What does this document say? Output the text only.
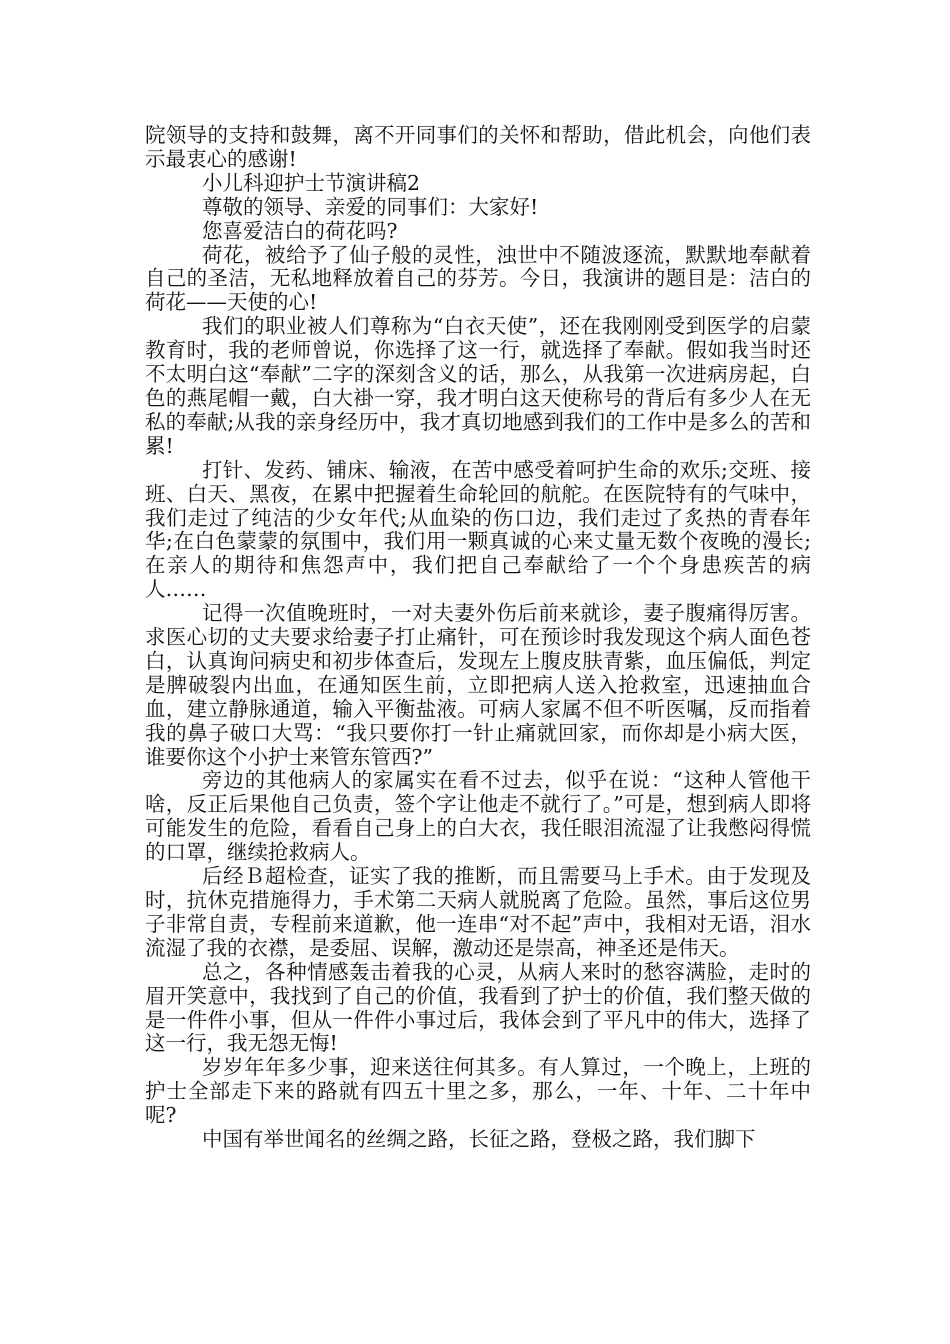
院领导的支持和鼓舞，离不开同事们的关怀和帮助，借此机会，向他们表示最衷心的感谢!

小儿科迎护士节演讲稿2

尊敬的领导、亲爱的同事们：大家好!

您喜爱洁白的荷花吗?

荷花，被给予了仙子般的灵性，浊世中不随波逐流，默默地奉献着自己的圣洁，无私地释放着自己的芬芳。今日，我演讲的题目是：洁白的荷花——天使的心!

我们的职业被人们尊称为“白衣天使”，还在我刚刚受到医学的启蒙教育时，我的老师曾说，你选择了这一行，就选择了奉献。假如我当时还不太明白这“奉献”二字的深刻含义的话，那么，从我第一次进病房起，白色的燕尾帽一戴，白大褂一穿，我才明白这天使称号的背后有多少人在无私的奉献;从我的亲身经历中，我才真切地感到我们的工作中是多么的苦和累!

打针、发药、铺床、输液，在苦中感受着呵护生命的欢乐;交班、接班、白天、黑夜，在累中把握着生命轮回的航舵。在医院特有的气味中，我们走过了纯洁的少女年代;从血染的伤口边，我们走过了炙热的青春年华;在白色蒙蒙的氛围中，我们用一颗真诚的心来丈量无数个夜晚的漫长;在亲人的期待和焦怨声中，我们把自己奉献给了一个个身患疾苦的病人……

记得一次值晚班时，一对夫妻外伤后前来就诊，妻子腹痛得厉害。求医心切的丈夫要求给妻子打止痛针，可在预诊时我发现这个病人面色苍白，认真询问病史和初步体查后，发现左上腹皮肤青紫，血压偏低，判定是脾破裂内出血，在通知医生前，立即把病人送入抢救室，迅速抽血合血，建立静脉通道，输入平衡盐液。可病人家属不但不听医嘱，反而指着我的鼻子破口大骂：“我只要你打一针止痛就回家，而你却是小病大医，谁要你这个小护士来管东管西?”

旁边的其他病人的家属实在看不过去，似乎在说：“这种人管他干啥，反正后果他自己负责，签个字让他走不就行了。”可是，想到病人即将可能发生的危险，看看自己身上的白大衣，我任眼泪流湿了让我憋闷得慌的口罩，继续抢救病人。

后经Ｂ超检查，证实了我的推断，而且需要马上手术。由于发现及时，抗休克措施得力，手术第二天病人就脱离了危险。虽然，事后这位男子非常自责，专程前来道歉，他一连串“对不起”声中，我相对无语，泪水流湿了我的衣襟，是委屈、误解，激动还是崇高，神圣还是伟天。

总之，各种情感轰击着我的心灵，从病人来时的愁容满脸，走时的眉开笑意中，我找到了自己的价值，我看到了护士的价值，我们整天做的是一件件小事，但从一件件小事过后，我体会到了平凡中的伟大，选择了这一行，我无怨无悔!

岁岁年年多少事，迎来送往何其多。有人算过，一个晚上，上班的护士全部走下来的路就有四五十里之多，那么，一年、十年、二十年中呢?

中国有举世闻名的丝绸之路，长征之路，登极之路，我们脚下
